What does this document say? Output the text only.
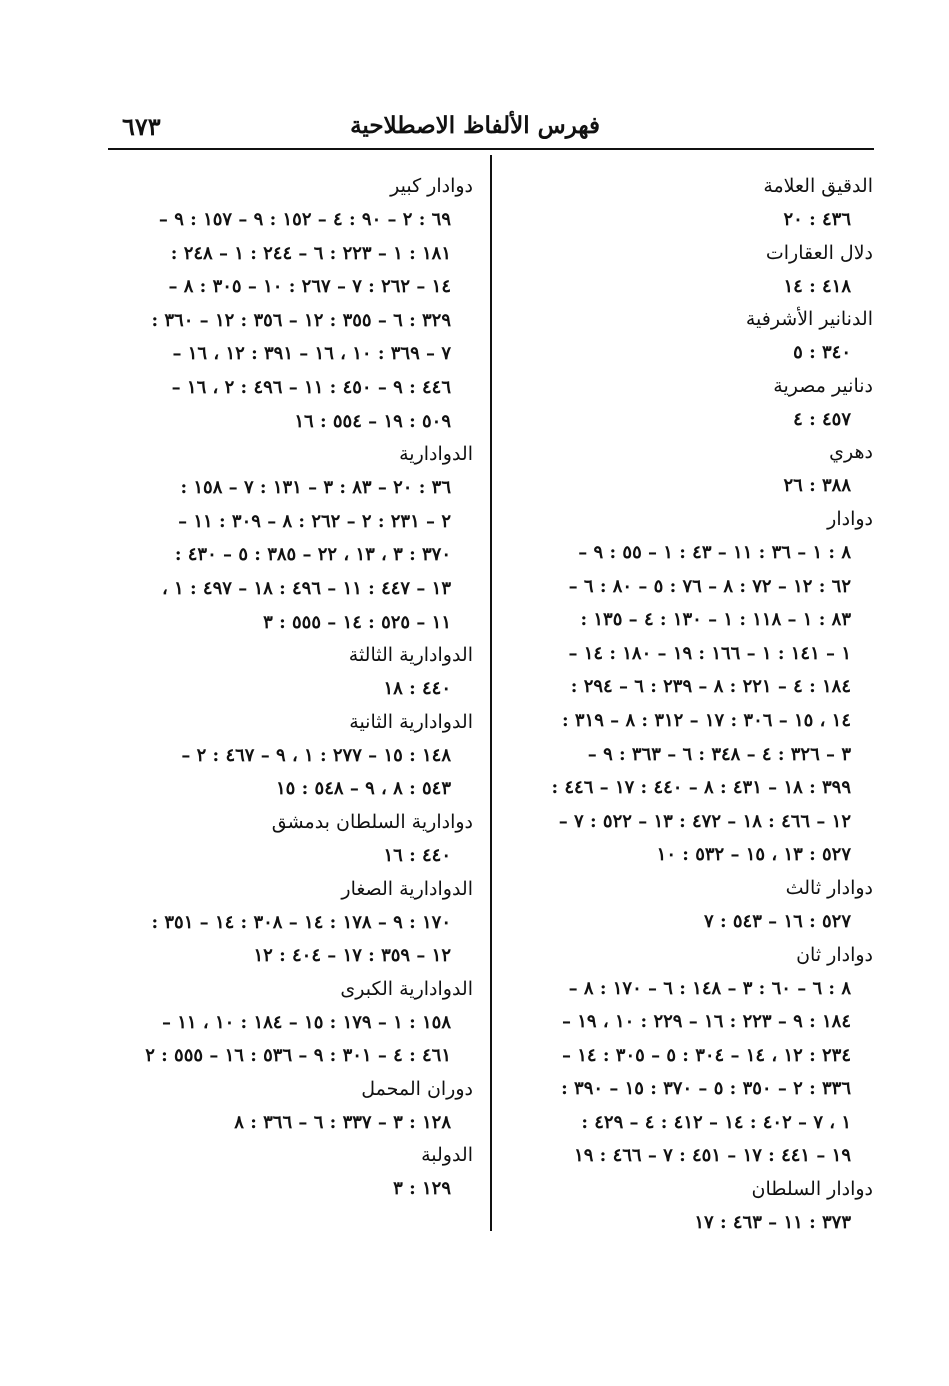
٦٧٣	فهرس الألفاظ الاصطلاحية
الدقيق العلامة
٤٣٦ : ٢٠
دلال العقارات
٤١٨ : ١٤
الدنانير الأشرفية
٣٤٠ : ٥
دنانير مصرية
٤٥٧ : ٤
دهري
٣٨٨ : ٢٦
دوادار
٨ : ١ – ٣٦ : ١١ – ٤٣ : ١ – ٥٥ : ٩ –
٦٢ : ١٢ – ٧٢ : ٨ – ٧٦ : ٥ – ٨٠ : ٦ –
٨٣ : ١ – ١١٨ : ١ – ١٣٠ : ٤ – ١٣٥ :
١ – ١٤١ : ١ – ١٦٦ : ١٩ – ١٨٠ : ١٤ –
١٨٤ : ٤ – ٢٢١ : ٨ – ٢٣٩ : ٦ – ٢٩٤ :
١٤ ، ١٥ – ٣٠٦ : ١٧ – ٣١٢ : ٨ – ٣١٩ :
٣ – ٣٢٦ : ٤ – ٣٤٨ : ٦ – ٣٦٣ : ٩ –
٣٩٩ : ١٨ – ٤٣١ : ٨ – ٤٤٠ : ١٧ – ٤٤٦ :
١٢ – ٤٦٦ : ١٨ – ٤٧٢ : ١٣ – ٥٢٢ : ٧ –
٥٢٧ : ١٣ ، ١٥ – ٥٣٢ : ١٠
دوادار ثالث
٥٢٧ : ١٦ – ٥٤٣ : ٧
دوادار ثان
٨ : ٦ – ٦٠ : ٣ – ١٤٨ : ٦ – ١٧٠ : ٨ –
١٨٤ : ٩ – ٢٢٣ : ١٦ – ٢٢٩ : ١٠ ، ١٩ –
٢٣٤ : ١٢ ، ١٤ – ٣٠٤ : ٥ – ٣٠٥ : ١٤ –
٣٣٦ : ٢ – ٣٥٠ : ٥ – ٣٧٠ : ١٥ – ٣٩٠ :
١ ، ٧ – ٤٠٢ : ١٤ – ٤١٢ : ٤ – ٤٢٩ :
١٩ – ٤٤١ : ١٧ – ٤٥١ : ٧ – ٤٦٦ : ١٩
دوادار السلطان
٣٧٣ : ١١ – ٤٦٣ : ١٧
دوادار كبير
٦٩ : ٢ – ٩٠ : ٤ – ١٥٢ : ٩ – ١٥٧ : ٩ –
١٨١ : ١ – ٢٢٣ : ٦ – ٢٤٤ : ١ – ٢٤٨ :
١٤ – ٢٦٢ : ٧ – ٢٦٧ : ١٠ – ٣٠٥ : ٨ –
٣٢٩ : ٦ – ٣٥٥ : ١٢ – ٣٥٦ : ١٢ – ٣٦٠ :
٧ – ٣٦٩ : ١٠ ، ١٦ – ٣٩١ : ١٢ ، ١٦ –
٤٤٦ : ٩ – ٤٥٠ : ١١ – ٤٩٦ : ٢ ، ١٦ –
٥٠٩ : ١٩ – ٥٥٤ : ١٦
الدوادارية
٣٦ : ٢٠ – ٨٣ : ٣ – ١٣١ : ٧ – ١٥٨ :
٢ – ٢٣١ : ٢ – ٢٦٢ : ٨ – ٣٠٩ : ١١ –
٣٧٠ : ٣ ، ١٣ ، ٢٢ – ٣٨٥ : ٥ – ٤٣٠ :
١٣ – ٤٤٧ : ١١ – ٤٩٦ : ١٨ – ٤٩٧ : ١ ،
١١ – ٥٢٥ : ١٤ – ٥٥٥ : ٣
الدوادارية الثالثة
٤٤٠ : ١٨
الدوادارية الثانية
١٤٨ : ١٥ – ٢٧٧ : ١ ، ٩ – ٤٦٧ : ٢ –
٥٤٣ : ٨ ، ٩ – ٥٤٨ : ١٥
دوادارية السلطان بدمشق
٤٤٠ : ١٦
الدوادارية الصغار
١٧٠ : ٩ – ١٧٨ : ١٤ – ٣٠٨ : ١٤ – ٣٥١ :
١٢ – ٣٥٩ : ١٧ – ٤٠٤ : ١٢
الدوادارية الكبرى
١٥٨ : ١ – ١٧٩ : ١٥ – ١٨٤ : ١٠ ، ١١ –
٤٦١ : ٤ – ٣٠١ : ٩ – ٥٣٦ : ١٦ – ٥٥٥ : ٢
دوران المحمل
١٢٨ : ٣ – ٣٣٧ : ٦ – ٣٦٦ : ٨
الدولبة
١٢٩ : ٣
